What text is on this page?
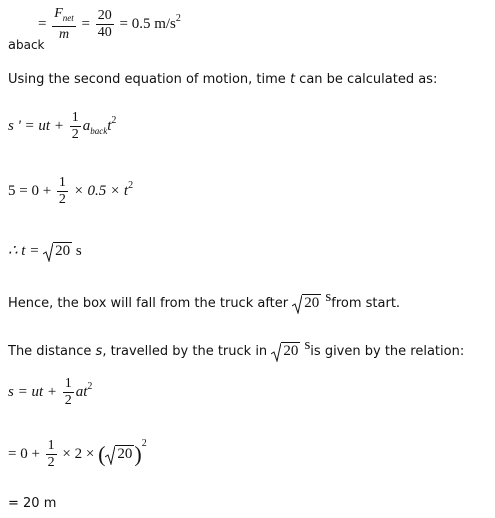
= $\frac{F_{net}}{m} = \frac{20}{40} = 0.5$ $m/s^2$
aback
Using the second equation of motion, time t can be calculated as:
s ' = ut + $\frac{1}{2} a_{back}t^2$
$5 = 0 + \frac{1}{2} \times 0.5 \times t^2$
∴ t = 20 s
Hence, the box will fall from the truck after 20 sfrom start.
The distance s, travelled by the truck in 20 sis given by the relation:
s = ut + $\frac{1}{2} at^2$
= $0 + \frac{1}{2} \times 2$ × ( 20)$^2$
= 20 m
